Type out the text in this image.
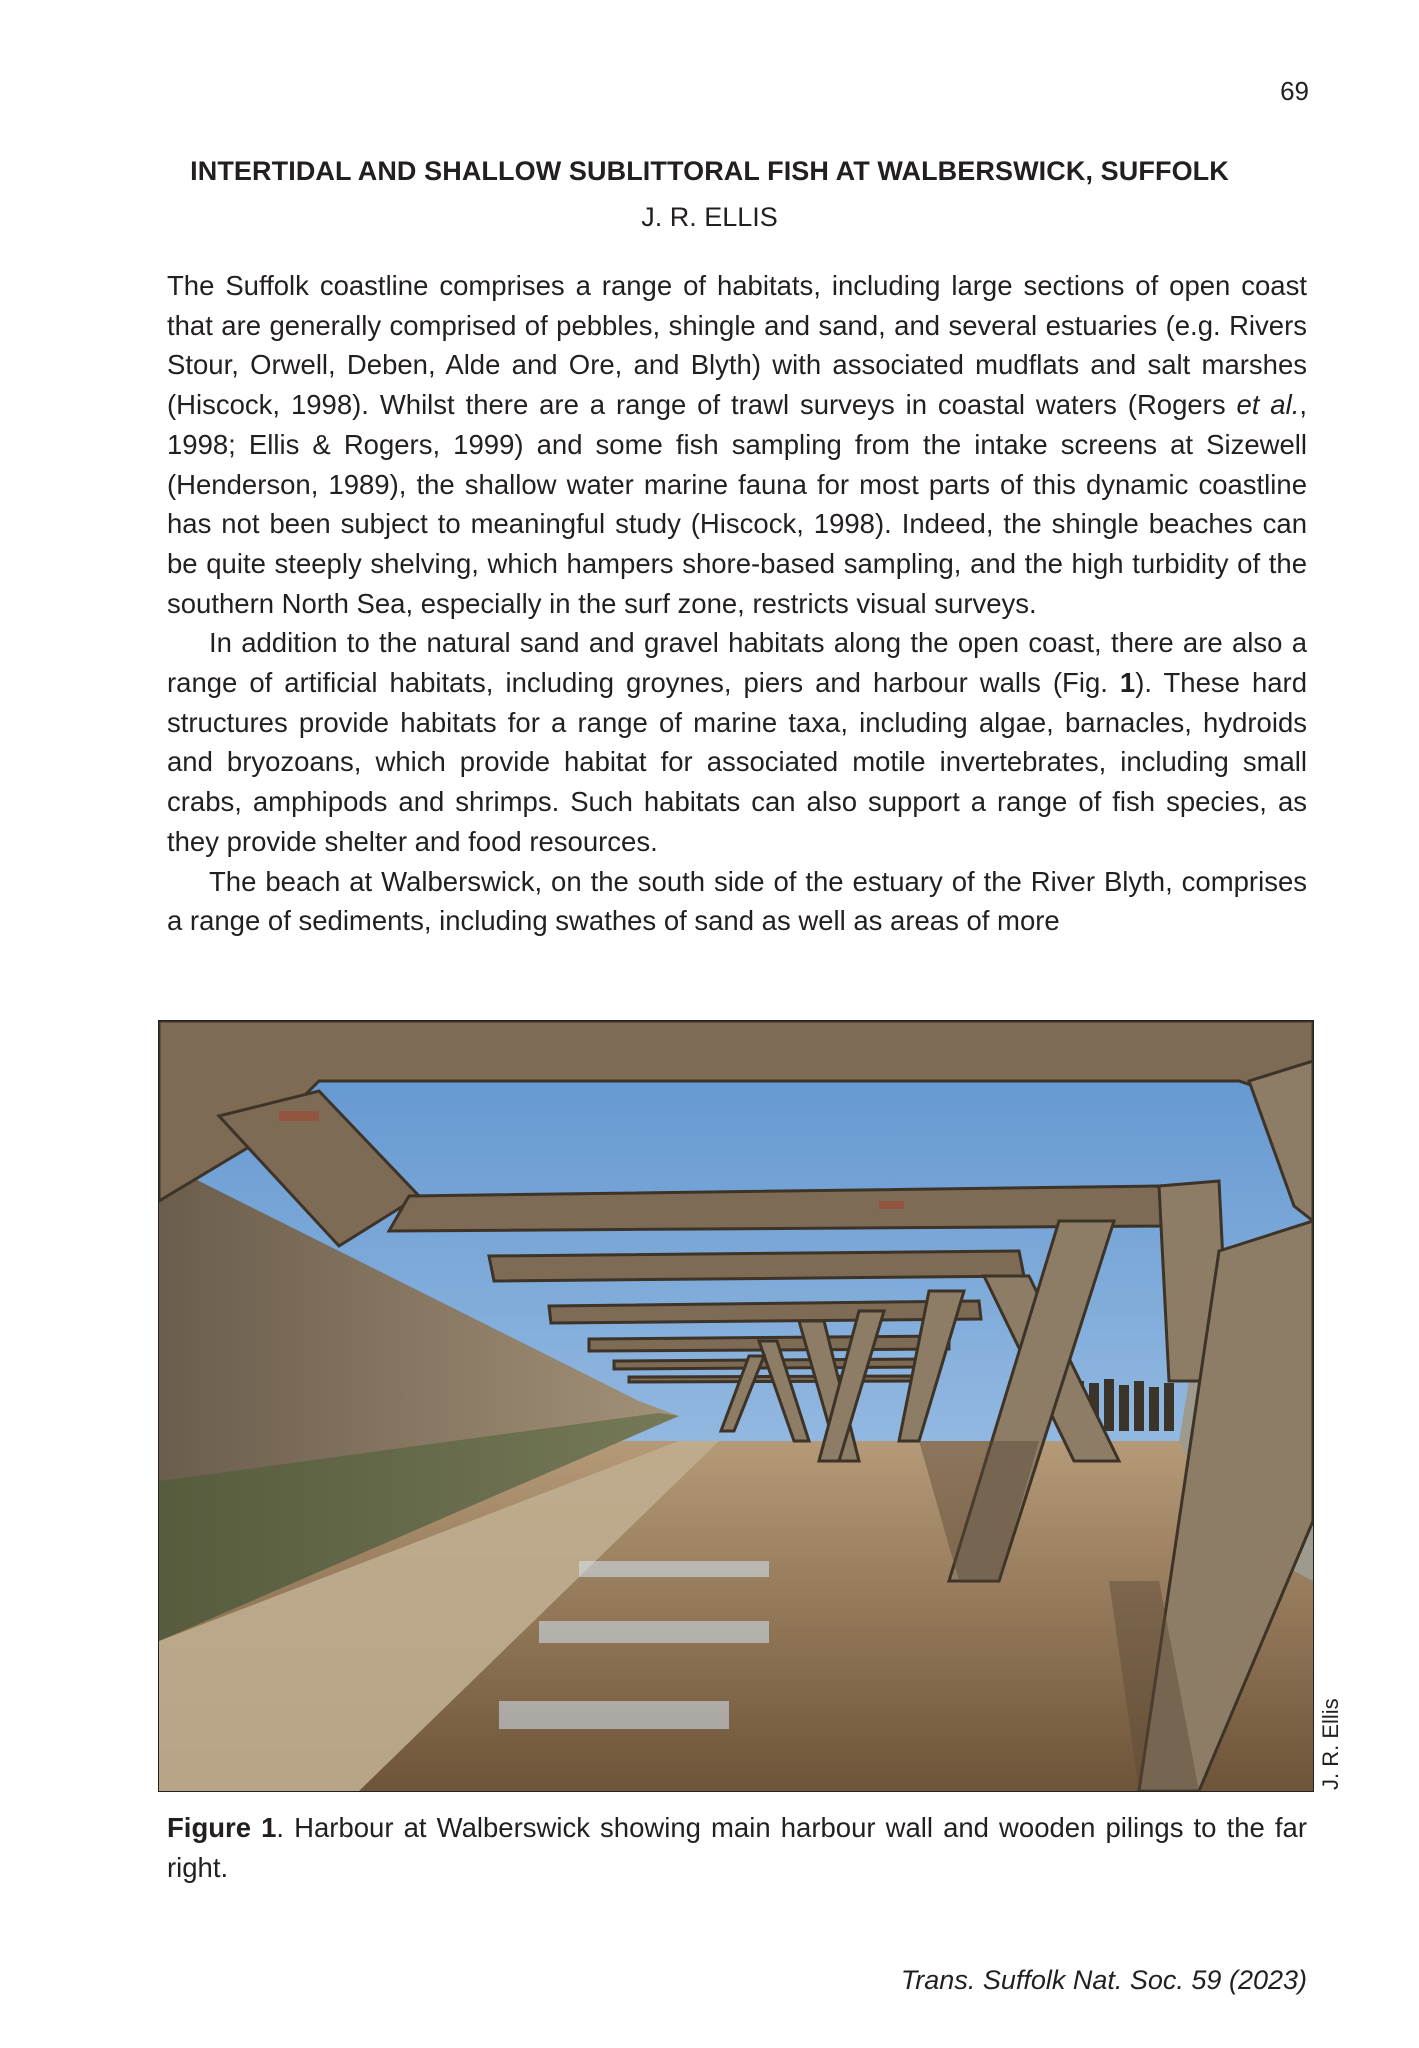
69
INTERTIDAL AND SHALLOW SUBLITTORAL FISH AT WALBERSWICK, SUFFOLK
J. R. ELLIS

The Suffolk coastline comprises a range of habitats, including large sections of open coast that are generally comprised of pebbles, shingle and sand, and several estuaries (e.g. Rivers Stour, Orwell, Deben, Alde and Ore, and Blyth) with associated mudflats and salt marshes (Hiscock, 1998). Whilst there are a range of trawl surveys in coastal waters (Rogers et al., 1998; Ellis & Rogers, 1999) and some fish sampling from the intake screens at Sizewell (Henderson, 1989), the shallow water marine fauna for most parts of this dynamic coastline has not been subject to meaningful study (Hiscock, 1998). Indeed, the shingle beaches can be quite steeply shelving, which hampers shore-based sampling, and the high turbidity of the southern North Sea, especially in the surf zone, restricts visual surveys.

In addition to the natural sand and gravel habitats along the open coast, there are also a range of artificial habitats, including groynes, piers and harbour walls (Fig. 1). These hard structures provide habitats for a range of marine taxa, including algae, barnacles, hydroids and bryozoans, which provide habitat for associated motile invertebrates, including small crabs, amphipods and shrimps. Such habitats can also support a range of fish species, as they provide shelter and food resources.

The beach at Walberswick, on the south side of the estuary of the River Blyth, comprises a range of sediments, including swathes of sand as well as areas of more

J. R. Ellis
Figure 1. Harbour at Walberswick showing main harbour wall and wooden pilings to the far right.
Trans. Suffolk Nat. Soc. 59 (2023)
